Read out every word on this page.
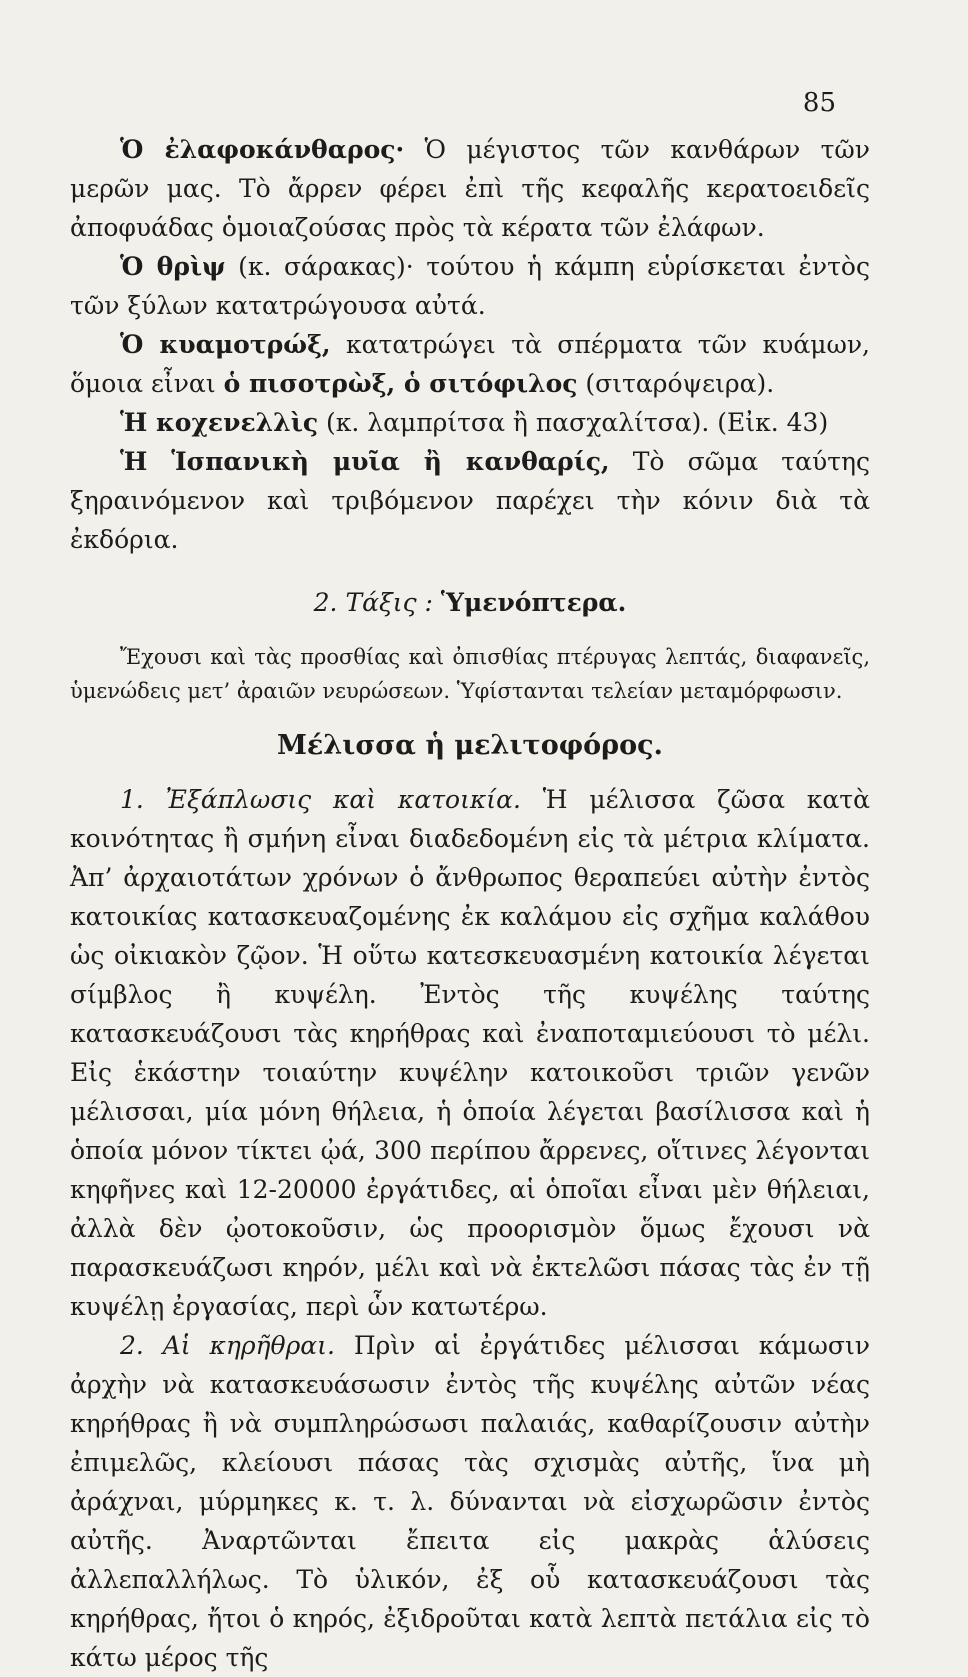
85

Ὁ ἐλαφοκάνθαρος· Ὁ μέγιστος τῶν κανθάρων τῶν μερῶν μας. Τὸ ἄρρεν φέρει ἐπὶ τῆς κεφαλῆς κερατοειδεῖς ἀποφυάδας ὁμοιαζούσας πρὸς τὰ κέρατα τῶν ἐλάφων.

Ὁ θρὶψ (κ. σάρακας)· τούτου ἡ κάμπη εὑρίσκεται ἐντὸς τῶν ξύλων κατατρώγουσα αὐτά.

Ὁ κυαμοτρώξ, κατατρώγει τὰ σπέρματα τῶν κυάμων, ὅμοια εἶναι ὁ πισοτρὼξ, ὁ σιτόφιλος (σιταρόψειρα).

Ἡ κοχενελλὶς (κ. λαμπρίτσα ἢ πασχαλίτσα). (Εἰκ. 43)

Ἡ Ἱσπανικὴ μυῖα ἢ κανθαρίς, Τὸ σῶμα ταύτης ξηραινόμενον καὶ τριβόμενον παρέχει τὴν κόνιν διὰ τὰ ἐκδόρια.

2. Τάξις : Ὑμενόπτερα.

Ἔχουσι καὶ τὰς προσθίας καὶ ὀπισθίας πτέρυγας λεπτάς, διαφανεῖς, ὑμενώδεις μετ’ ἀραιῶν νευρώσεων. Ὑφίστανται τελείαν μεταμόρφωσιν.

Μέλισσα ἡ μελιτοφόρος.

1. Ἐξάπλωσις καὶ κατοικία. Ἡ μέλισσα ζῶσα κατὰ κοινότητας ἢ σμήνη εἶναι διαδεδομένη εἰς τὰ μέτρια κλίματα. Ἀπ’ ἀρχαιοτάτων χρόνων ὁ ἄνθρωπος θεραπεύει αὐτὴν ἐντὸς κατοικίας κατασκευαζομένης ἐκ καλάμου εἰς σχῆμα καλάθου ὡς οἰκιακὸν ζῷον. Ἡ οὕτω κατεσκευασμένη κατοικία λέγεται σίμβλος ἢ κυψέλη. Ἐντὸς τῆς κυψέλης ταύτης κατασκευάζουσι τὰς κηρήθρας καὶ ἐναποταμιεύουσι τὸ μέλι. Εἰς ἑκάστην τοιαύτην κυψέλην κατοικοῦσι τριῶν γενῶν μέλισσαι, μία μόνη θήλεια, ἡ ὁποία λέγεται βασίλισσα καὶ ἡ ὁποία μόνον τίκτει ᾠά, 300 περίπου ἄρρενες, οἵτινες λέγονται κηφῆνες καὶ 12-20000 ἐργάτιδες, αἱ ὁποῖαι εἶναι μὲν θήλειαι, ἀλλὰ δὲν ᾠοτοκοῦσιν, ὡς προορισμὸν ὅμως ἔχουσι νὰ παρασκευάζωσι κηρόν, μέλι καὶ νὰ ἐκτελῶσι πάσας τὰς ἐν τῇ κυψέλῃ ἐργασίας, περὶ ὧν κατωτέρω.

2. Αἱ κηρῆθραι. Πρὶν αἱ ἐργάτιδες μέλισσαι κάμωσιν ἀρχὴν νὰ κατασκευάσωσιν ἐντὸς τῆς κυψέλης αὐτῶν νέας κηρήθρας ἢ νὰ συμπληρώσωσι παλαιάς, καθαρίζουσιν αὐτὴν ἐπιμελῶς, κλείουσι πάσας τὰς σχισμὰς αὐτῆς, ἵνα μὴ ἀράχναι, μύρμηκες κ. τ. λ. δύνανται νὰ εἰσχωρῶσιν ἐντὸς αὐτῆς. Ἀναρτῶνται ἔπειτα εἰς μακρὰς ἁλύσεις ἀλλεπαλλήλως. Τὸ ὑλικόν, ἐξ οὗ κατασκευάζουσι τὰς κηρήθρας, ἤτοι ὁ κηρός, ἐξιδροῦται κατὰ λεπτὰ πετάλια εἰς τὸ κάτω μέρος τῆς
